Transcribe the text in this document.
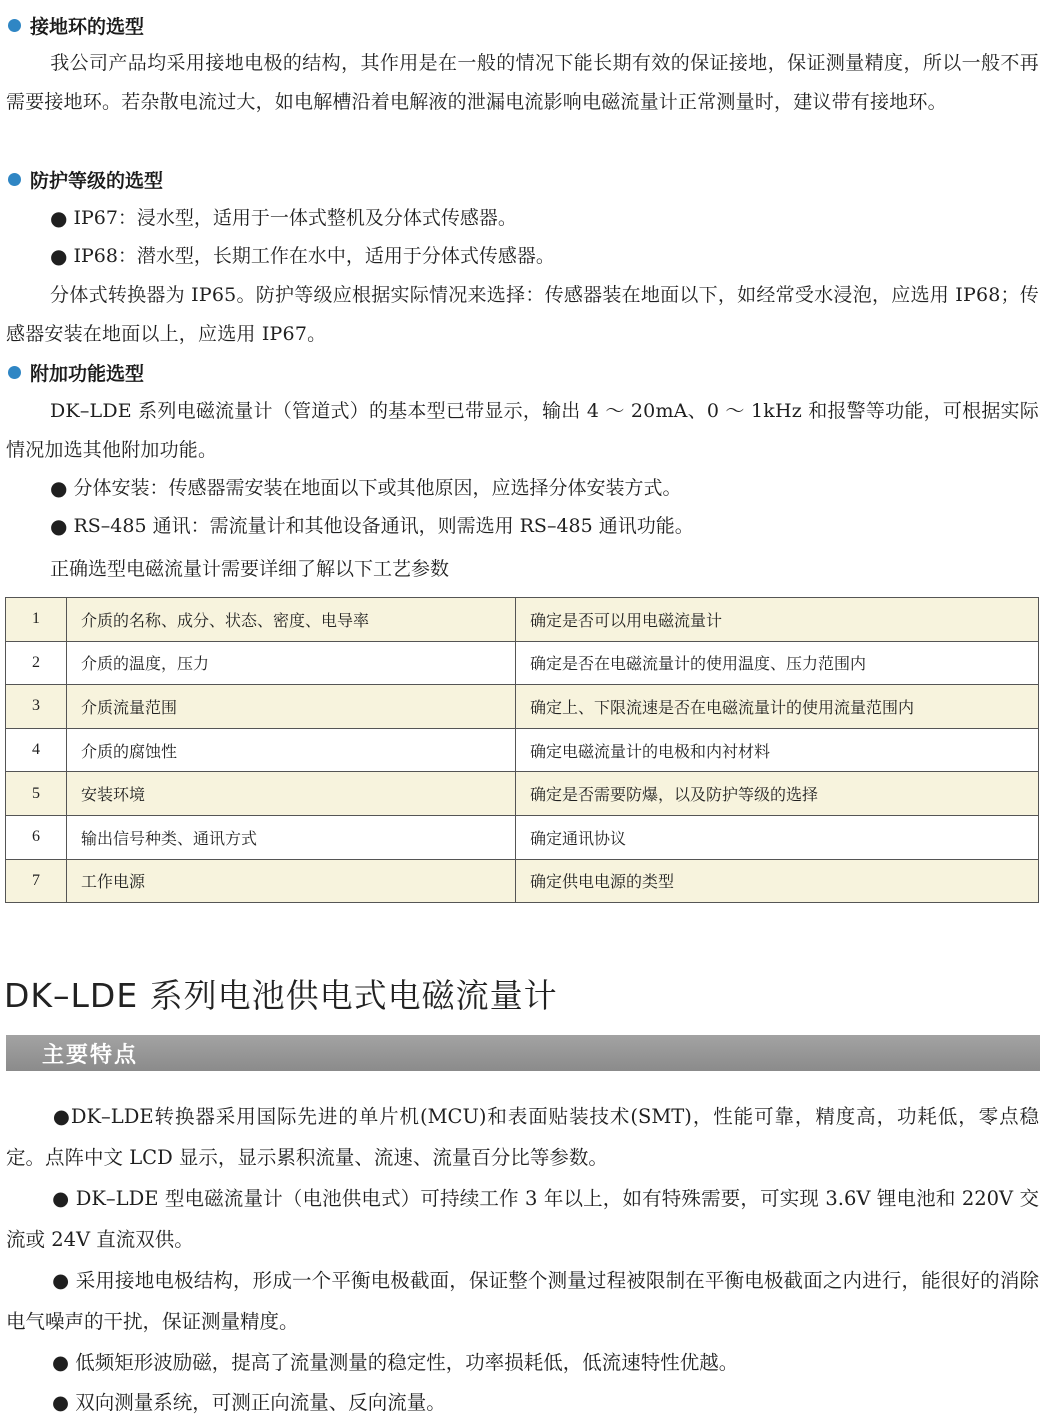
接地环的选型
我公司产品均采用接地电极的结构，其作用是在一般的情况下能长期有效的保证接地，保证测量精度，所以一般不再需要接地环。若杂散电流过大，如电解槽沿着电解液的泄漏电流影响电磁流量计正常测量时，建议带有接地环。
防护等级的选型
● IP67：浸水型，适用于一体式整机及分体式传感器。
● IP68：潜水型，长期工作在水中，适用于分体式传感器。
分体式转换器为 IP65。防护等级应根据实际情况来选择：传感器装在地面以下，如经常受水浸泡，应选用 IP68；传感器安装在地面以上，应选用 IP67。
附加功能选型
DK–LDE 系列电磁流量计（管道式）的基本型已带显示，输出 4 ～ 20mA、0 ～ 1kHz 和报警等功能，可根据实际情况加选其他附加功能。
● 分体安装：传感器需安装在地面以下或其他原因，应选择分体安装方式。
● RS–485 通讯：需流量计和其他设备通讯，则需选用 RS–485 通讯功能。
正确选型电磁流量计需要详细了解以下工艺参数
1	介质的名称、成分、状态、密度、电导率	确定是否可以用电磁流量计
2	介质的温度，压力	确定是否在电磁流量计的使用温度、压力范围内
3	介质流量范围	确定上、下限流速是否在电磁流量计的使用流量范围内
4	介质的腐蚀性	确定电磁流量计的电极和内衬材料
5	安装环境	确定是否需要防爆，以及防护等级的选择
6	输出信号种类、通讯方式	确定通讯协议
7	工作电源	确定供电电源的类型
DK–LDE 系列电池供电式电磁流量计
主要特点
●DK–LDE转换器采用国际先进的单片机(MCU)和表面贴装技术(SMT)，性能可靠，精度高，功耗低，零点稳定。点阵中文 LCD 显示，显示累积流量、流速、流量百分比等参数。
● DK–LDE 型电磁流量计（电池供电式）可持续工作 3 年以上，如有特殊需要，可实现 3.6V 锂电池和 220V 交流或 24V 直流双供。
● 采用接地电极结构，形成一个平衡电极截面，保证整个测量过程被限制在平衡电极截面之内进行，能很好的消除电气噪声的干扰，保证测量精度。
● 低频矩形波励磁，提高了流量测量的稳定性，功率损耗低，低流速特性优越。
● 双向测量系统，可测正向流量、反向流量。
